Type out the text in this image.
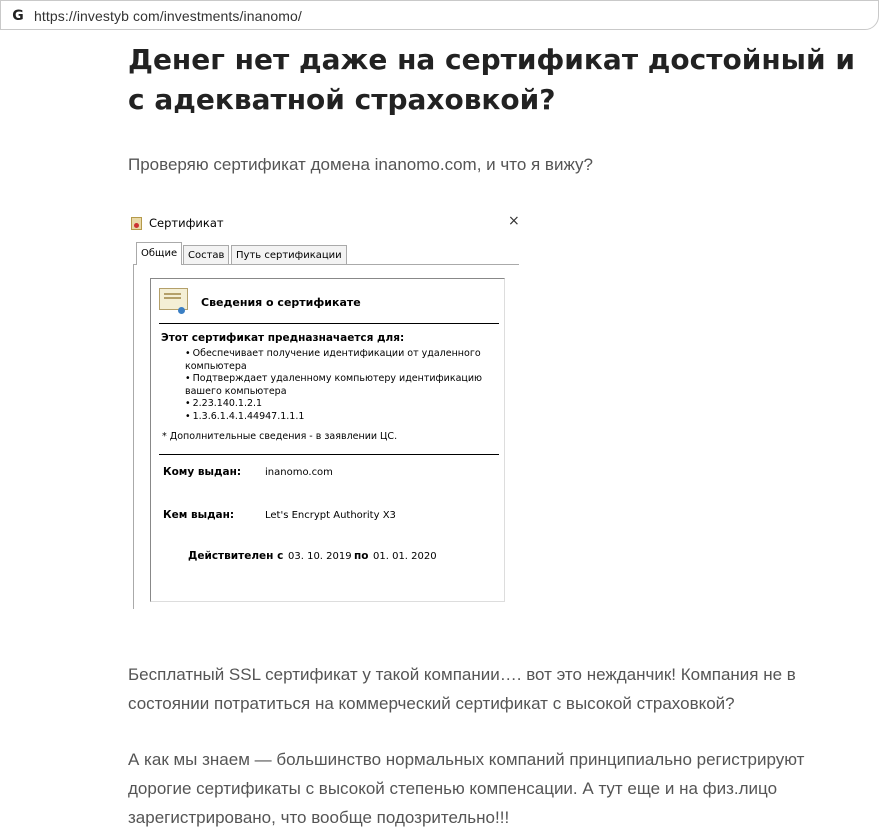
G https://investyb com/investments/inanomo/
Денег нет даже на сертификат достойный и с адекватной страховкой?

Проверяю сертификат домена inanomo.com, и что я вижу?

Сертификат	×
Общие	Состав	Путь сертификации
Сведения о сертификате
Этот сертификат предназначается для:
• Обеспечивает получение идентификации от удаленного компьютера
• Подтверждает удаленному компьютеру идентификацию вашего компьютера
• 2.23.140.1.2.1
• 1.3.6.1.4.1.44947.1.1.1
* Дополнительные сведения - в заявлении ЦС.
Кому выдан: inanomo.com
Кем выдан:	Let's Encrypt Authority X3
Действителен с 03. 10. 2019 по 01. 01. 2020

Бесплатный SSL сертификат у такой компании…. вот это нежданчик! Компания не в состоянии потратиться на коммерческий сертификат с высокой страховкой?

А как мы знаем — большинство нормальных компаний принципиально регистрируют дорогие сертификаты с высокой степенью компенсации. А тут еще и на физ.лицо зарегистрировано, что вообще подозрительно!!!
